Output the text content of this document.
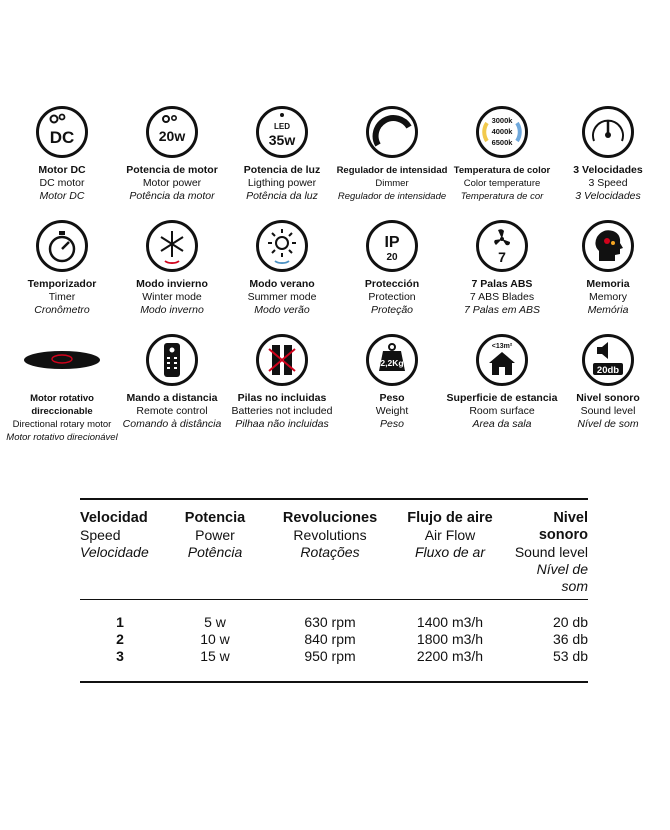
DC
Motor DC
DC motor
Motor DC
20w
Potencia de motor
Motor power
Potência da motor
LED
35w
Potencia de luz
Ligthing power
Potência da luz
Regulador de intensidad
Dimmer
Regulador de intensidade
3000k
4000k
6500k
Temperatura de color
Color temperature
Temperatura de cor
3 Velocidades
3 Speed
3 Velocidades
Temporizador
Timer
Cronômetro
Modo invierno
Winter mode
Modo inverno
Modo verano
Summer mode
Modo verão
IP
20
Protección
Protection
Proteção
7
7 Palas ABS
7 ABS Blades
7 Palas em ABS
Memoria
Memory
Memória
Motor rotativo direccionable
Directional rotary motor
Motor rotativo direcionável
Mando a distancia
Remote control
Comando à distância
Pilas no incluidas
Batteries not included
Pilhaa não incluidas
2,2Kg
Peso
Weight
Peso
<13m²
Superficie de estancia
Room surface
Area da sala
20db
Nivel sonoro
Sound level
Nível de som
Velocidad
Speed
Velocidade
Potencia
Power
Potência
Revoluciones
Revolutions
Rotações
Flujo de aire
Air Flow
Fluxo de ar
Nivel sonoro
Sound level
Nível de som
1	5 w	630 rpm	1400 m3/h	20 db
2	10 w	840 rpm	1800 m3/h	36 db
3	15 w	950 rpm	2200 m3/h	53 db
